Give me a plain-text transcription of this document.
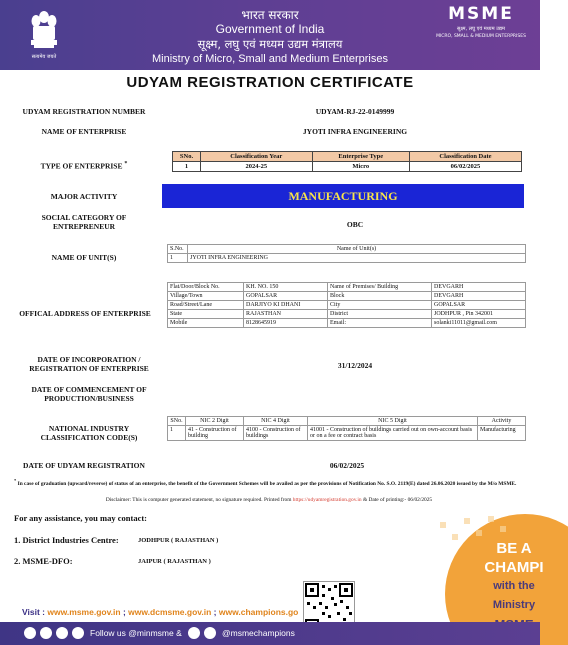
सत्यमेव जयते
भारत सरकार
Government of India
सूक्ष्म, लघु एवं मध्यम उद्यम मंत्रालय
Ministry of Micro, Small and Medium Enterprises
MSME
सूक्ष्म, लघु एवं मध्यम उद्यम
MICRO, SMALL & MEDIUM ENTERPRISES
UDYAM REGISTRATION CERTIFICATE
UDYAM REGISTRATION NUMBER	UDYAM-RJ-22-0149999
NAME OF ENTERPRISE	JYOTI INFRA ENGINEERING
TYPE OF ENTERPRISE *
SNo.	Classification Year	Enterprise Type	Classification Date
1	2024-25	Micro	06/02/2025
MAJOR ACTIVITY	MANUFACTURING
SOCIAL CATEGORY OF ENTREPRENEUR	OBC
NAME OF UNIT(S)
S.No.	Name of Unit(s)
1	JYOTI INFRA ENGINEERING
OFFICAL ADDRESS OF ENTERPRISE
Flat/Door/Block No.	KH. NO. 150	Name of Premises/ Building	DEVGARH
Village/Town	GOPALSAR	Block	DEVGARH
Road/Street/Lane	DARJIYO KI DHANI	City	GOPALSAR
State	RAJASTHAN	District	JODHPUR , Pin 342001
Mobile	8128645919	Email:	solanki11011@gmail.com
DATE OF INCORPORATION / REGISTRATION OF ENTERPRISE	31/12/2024
DATE OF COMMENCEMENT OF PRODUCTION/BUSINESS
NATIONAL INDUSTRY CLASSIFICATION CODE(S)
SNo.	NIC 2 Digit	NIC 4 Digit	NIC 5 Digit	Activity
1	41 - Construction of building	4100 - Construction of buildings	41001 - Construction of buildings carried out on own-account basis or on a fee or contract basis	Manufacturing
DATE OF UDYAM REGISTRATION	06/02/2025
* In case of graduation (upward/reverse) of status of an enterprise, the benefit of the Government Schemes will be availed as per the provisions of Notification No. S.O. 2119(E) dated 26.06.2020 issued by the M/o MSME.
Disclaimer: This is computer generated statement, no signature required. Printed from https://udyamregistration.gov.in & Date of printing:- 06/02/2025
For any assistance, you may contact:
1. District Industries Centre:	JODHPUR ( RAJASTHAN )
2. MSME-DFO:	JAIPUR ( RAJASTHAN )
BE A
CHAMPI
with the
Ministry
Visit : www.msme.gov.in ; www.dcmsme.gov.in ; www.champions.go
Follow us @minmsme &	@msmechampions
